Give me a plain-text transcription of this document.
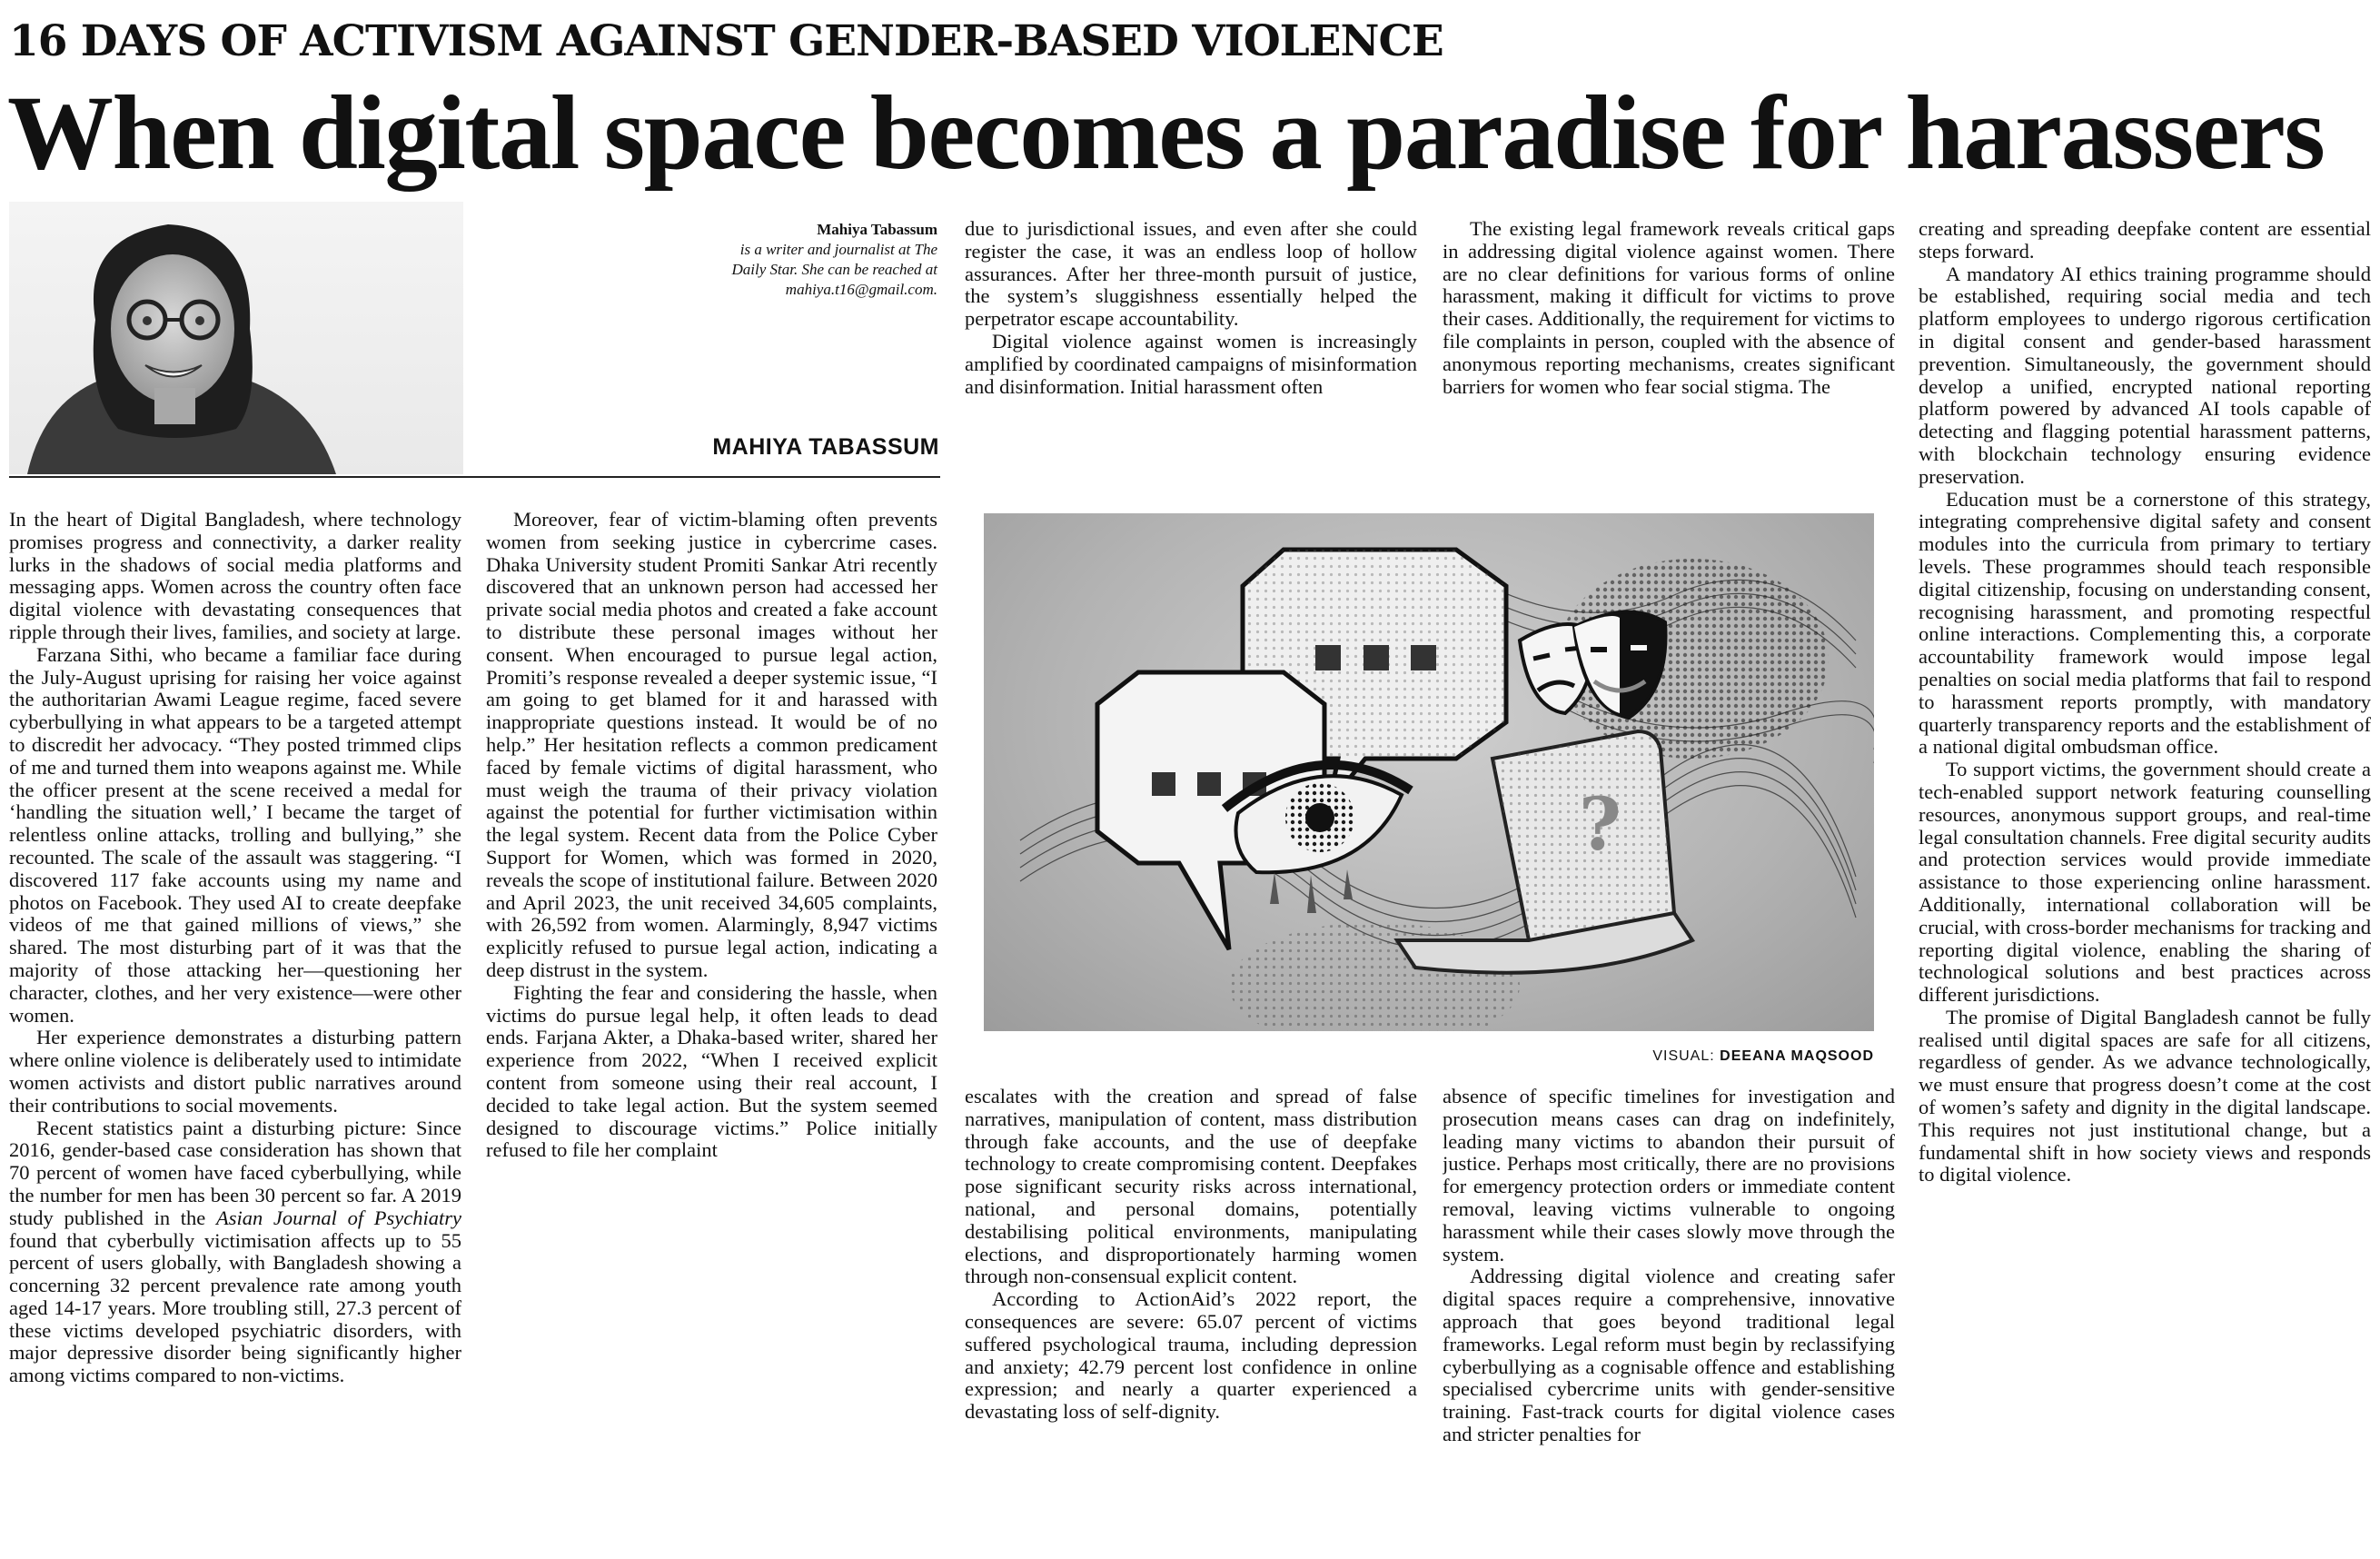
16 DAYS OF ACTIVISM AGAINST GENDER-BASED VIOLENCE
When digital space becomes a paradise for harassers
Mahiya Tabassum
is a writer and journalist at The
Daily Star. She can be reached at
mahiya.t16@gmail.com.
MAHIYA TABASSUM

In the heart of Digital Bangladesh, where technology promises progress and connectivity, a darker reality lurks in the shadows of social media platforms and messaging apps. Women across the country often face digital violence with devastating consequences that ripple through their lives, families, and society at large.

Farzana Sithi, who became a familiar face during the July-August uprising for raising her voice against the authoritarian Awami League regime, faced severe cyberbullying in what appears to be a targeted attempt to discredit her advocacy. “They posted trimmed clips of me and turned them into weapons against me. While the officer present at the scene received a medal for ‘handling the situation well,’ I became the target of relentless online attacks, trolling and bullying,” she recounted. The scale of the assault was staggering. “I discovered 117 fake accounts using my name and photos on Facebook. They used AI to create deepfake videos of me that gained millions of views,” she shared. The most disturbing part of it was that the majority of those attacking her—questioning her character, clothes, and her very existence—were other women.

Her experience demonstrates a disturbing pattern where online violence is deliberately used to intimidate women activists and distort public narratives around their contributions to social movements.

Recent statistics paint a disturbing picture: Since 2016, gender-based case consideration has shown that 70 percent of women have faced cyberbullying, while the number for men has been 30 percent so far. A 2019 study published in the Asian Journal of Psychiatry found that cyberbully victimisation affects up to 55 percent of users globally, with Bangladesh showing a concerning 32 percent prevalence rate among youth aged 14-17 years. More troubling still, 27.3 percent of these victims developed psychiatric disorders, with major depressive disorder being significantly higher among victims compared to non-victims.

Moreover, fear of victim-blaming often prevents women from seeking justice in cybercrime cases. Dhaka University student Promiti Sankar Atri recently discovered that an unknown person had accessed her private social media photos and created a fake account to distribute these personal images without her consent. When encouraged to pursue legal action, Promiti’s response revealed a deeper systemic issue, “I am going to get blamed for it and harassed with inappropriate questions instead. It would be of no help.” Her hesitation reflects a common predicament faced by female victims of digital harassment, who must weigh the trauma of their privacy violation against the potential for further victimisation within the legal system. Recent data from the Police Cyber Support for Women, which was formed in 2020, reveals the scope of institutional failure. Between 2020 and April 2023, the unit received 34,605 complaints, with 26,592 from women. Alarmingly, 8,947 victims explicitly refused to pursue legal action, indicating a deep distrust in the system.

Fighting the fear and considering the hassle, when victims do pursue legal help, it often leads to dead ends. Farjana Akter, a Dhaka-based writer, shared her experience from 2022, “When I received explicit content from someone using their real account, I decided to take legal action. But the system seemed designed to discourage victims.” Police initially refused to file her complaint

due to jurisdictional issues, and even after she could register the case, it was an endless loop of hollow assurances. After her three-month pursuit of justice, the system’s sluggishness essentially helped the perpetrator escape accountability.

Digital violence against women is increasingly amplified by coordinated campaigns of misinformation and disinformation. Initial harassment often

The existing legal framework reveals critical gaps in addressing digital violence against women. There are no clear definitions for various forms of online harassment, making it difficult for victims to prove their cases. Additionally, the requirement for victims to file complaints in person, coupled with the absence of anonymous reporting mechanisms, creates significant barriers for women who fear social stigma. The

?
VISUAL: DEEANA MAQSOOD

escalates with the creation and spread of false narratives, manipulation of content, mass distribution through fake accounts, and the use of deepfake technology to create compromising content. Deepfakes pose significant security risks across international, national, and personal domains, potentially destabilising political environments, manipulating elections, and disproportionately harming women through non-consensual explicit content.

According to ActionAid’s 2022 report, the consequences are severe: 65.07 percent of victims suffered psychological trauma, including depression and anxiety; 42.79 percent lost confidence in online expression; and nearly a quarter experienced a devastating loss of self-dignity.

absence of specific timelines for investigation and prosecution means cases can drag on indefinitely, leading many victims to abandon their pursuit of justice. Perhaps most critically, there are no provisions for emergency protection orders or immediate content removal, leaving victims vulnerable to ongoing harassment while their cases slowly move through the system.

Addressing digital violence and creating safer digital spaces require a comprehensive, innovative approach that goes beyond traditional legal frameworks. Legal reform must begin by reclassifying cyberbullying as a cognisable offence and establishing specialised cybercrime units with gender-sensitive training. Fast-track courts for digital violence cases and stricter penalties for

creating and spreading deepfake content are essential steps forward.

A mandatory AI ethics training programme should be established, requiring social media and tech platform employees to undergo rigorous certification in digital consent and gender-based harassment prevention. Simultaneously, the government should develop a unified, encrypted national reporting platform powered by advanced AI tools capable of detecting and flagging potential harassment patterns, with blockchain technology ensuring evidence preservation.

Education must be a cornerstone of this strategy, integrating comprehensive digital safety and consent modules into the curricula from primary to tertiary levels. These programmes should teach responsible digital citizenship, focusing on understanding consent, recognising harassment, and promoting respectful online interactions. Complementing this, a corporate accountability framework would impose legal penalties on social media platforms that fail to respond to harassment reports promptly, with mandatory quarterly transparency reports and the establishment of a national digital ombudsman office.

To support victims, the government should create a tech-enabled support network featuring counselling resources, anonymous support groups, and real-time legal consultation channels. Free digital security audits and protection services would provide immediate assistance to those experiencing online harassment. Additionally, international collaboration will be crucial, with cross-border mechanisms for tracking and reporting digital violence, enabling the sharing of technological solutions and best practices across different jurisdictions.

The promise of Digital Bangladesh cannot be fully realised until digital spaces are safe for all citizens, regardless of gender. As we advance technologically, we must ensure that progress doesn’t come at the cost of women’s safety and dignity in the digital landscape. This requires not just institutional change, but a fundamental shift in how society views and responds to digital violence.
